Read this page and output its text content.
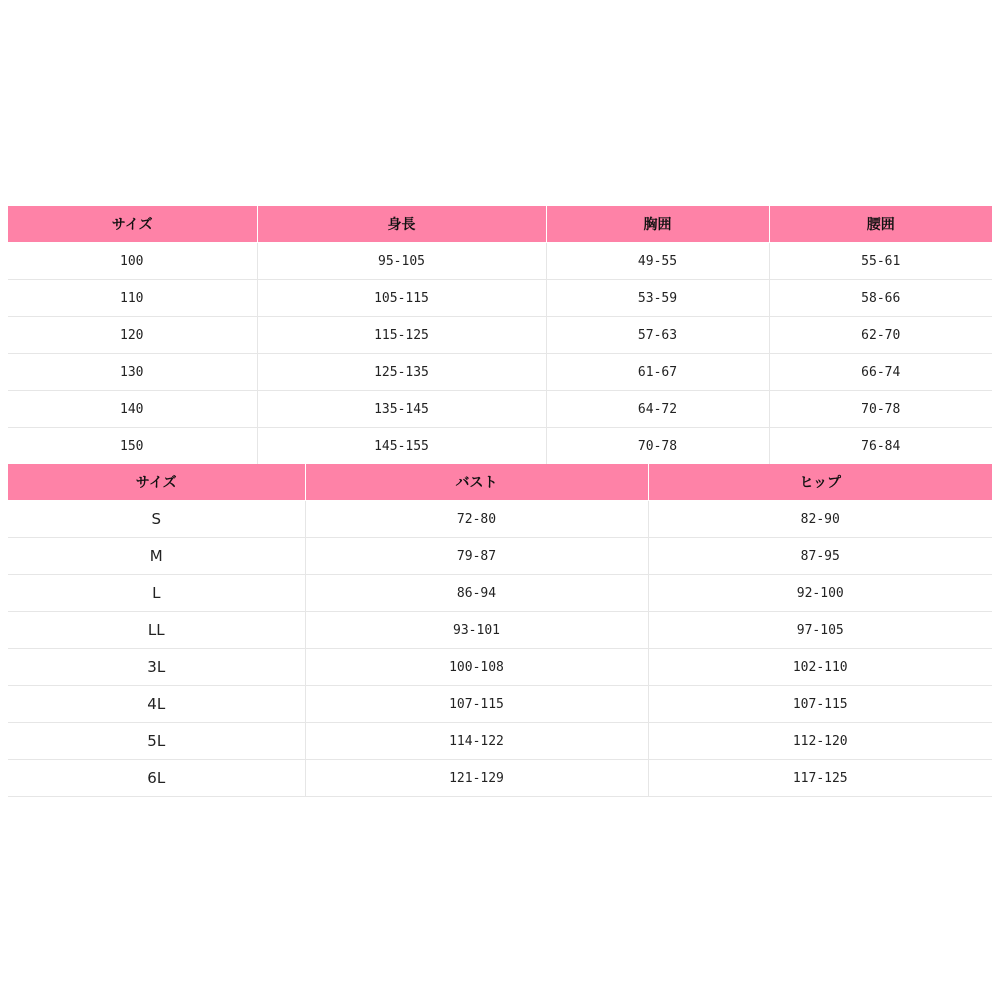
サイズ	身長	胸囲	腰囲
100	95-105	49-55	55-61
110	105-115	53-59	58-66
120	115-125	57-63	62-70
130	125-135	61-67	66-74
140	135-145	64-72	70-78
150	145-155	70-78	76-84
サイズ	バスト	ヒップ
S	72-80	82-90
M	79-87	87-95
L	86-94	92-100
LL	93-101	97-105
3L	100-108	102-110
4L	107-115	107-115
5L	114-122	112-120
6L	121-129	117-125
